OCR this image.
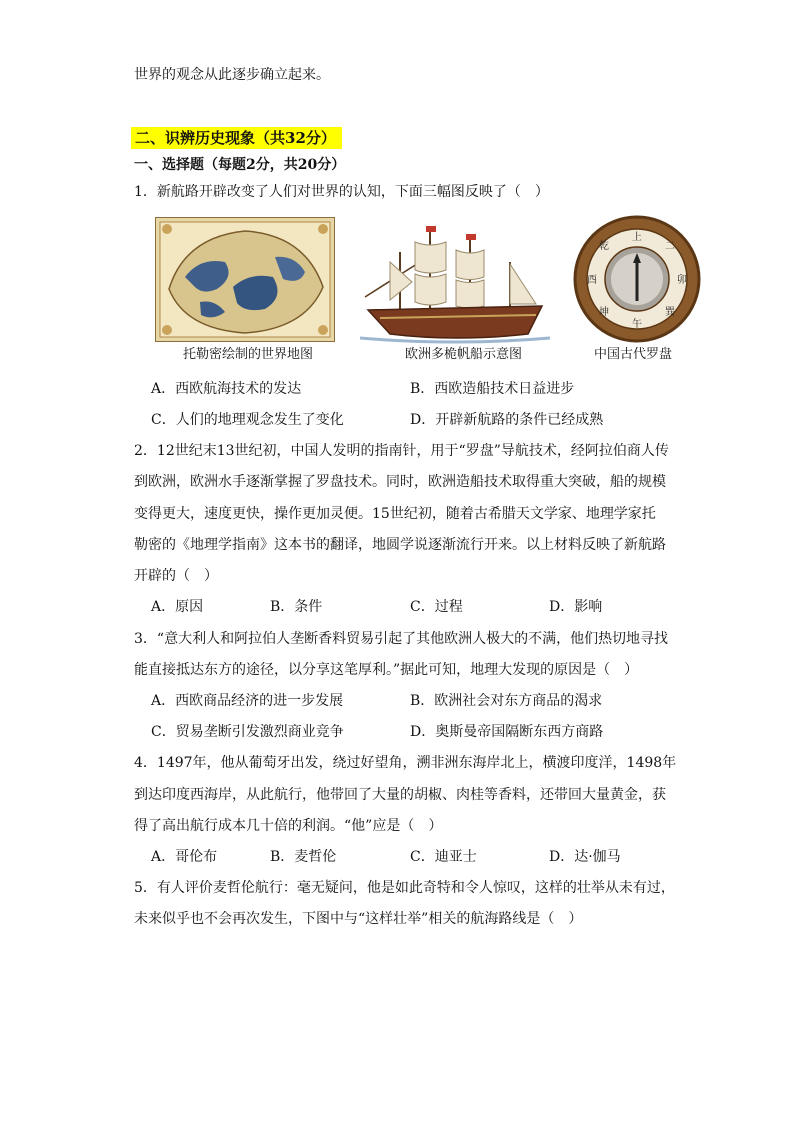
世界的观念从此逐步确立起来。
二、识辨历史现象（共32分）
一、选择题（每题2分，共20分）
1．新航路开辟改变了人们对世界的认知，下面三幅图反映了（　）
上
二
卯
巽
午
坤
酉
乾
托勒密绘制的世界地图	欧洲多桅帆船示意图	中国古代罗盘
A．西欧航海技术的发达	B．西欧造船技术日益进步
C．人们的地理观念发生了变化	D．开辟新航路的条件已经成熟
2．12世纪末13世纪初，中国人发明的指南针，用于“罗盘”导航技术，经阿拉伯商人传
到欧洲，欧洲水手逐渐掌握了罗盘技术。同时，欧洲造船技术取得重大突破，船的规模
变得更大，速度更快，操作更加灵便。15世纪初，随着古希腊天文学家、地理学家托
勒密的《地理学指南》这本书的翻译，地圆学说逐渐流行开来。以上材料反映了新航路
开辟的（　）
A．原因	B．条件	C．过程	D．影响
3．“意大利人和阿拉伯人垄断香料贸易引起了其他欧洲人极大的不满，他们热切地寻找
能直接抵达东方的途径，以分享这笔厚利。”据此可知，地理大发现的原因是（　）
A．西欧商品经济的进一步发展	B．欧洲社会对东方商品的渴求
C．贸易垄断引发激烈商业竞争	D．奥斯曼帝国隔断东西方商路
4．1497年，他从葡萄牙出发，绕过好望角，溯非洲东海岸北上，横渡印度洋，1498年
到达印度西海岸，从此航行，他带回了大量的胡椒、肉桂等香料，还带回大量黄金，获
得了高出航行成本几十倍的利润。“他”应是（　）
A．哥伦布	B．麦哲伦	C．迪亚士	D．达·伽马
5．有人评价麦哲伦航行：毫无疑问，他是如此奇特和令人惊叹，这样的壮举从未有过，
未来似乎也不会再次发生，下图中与“这样壮举”相关的航海路线是（　）
